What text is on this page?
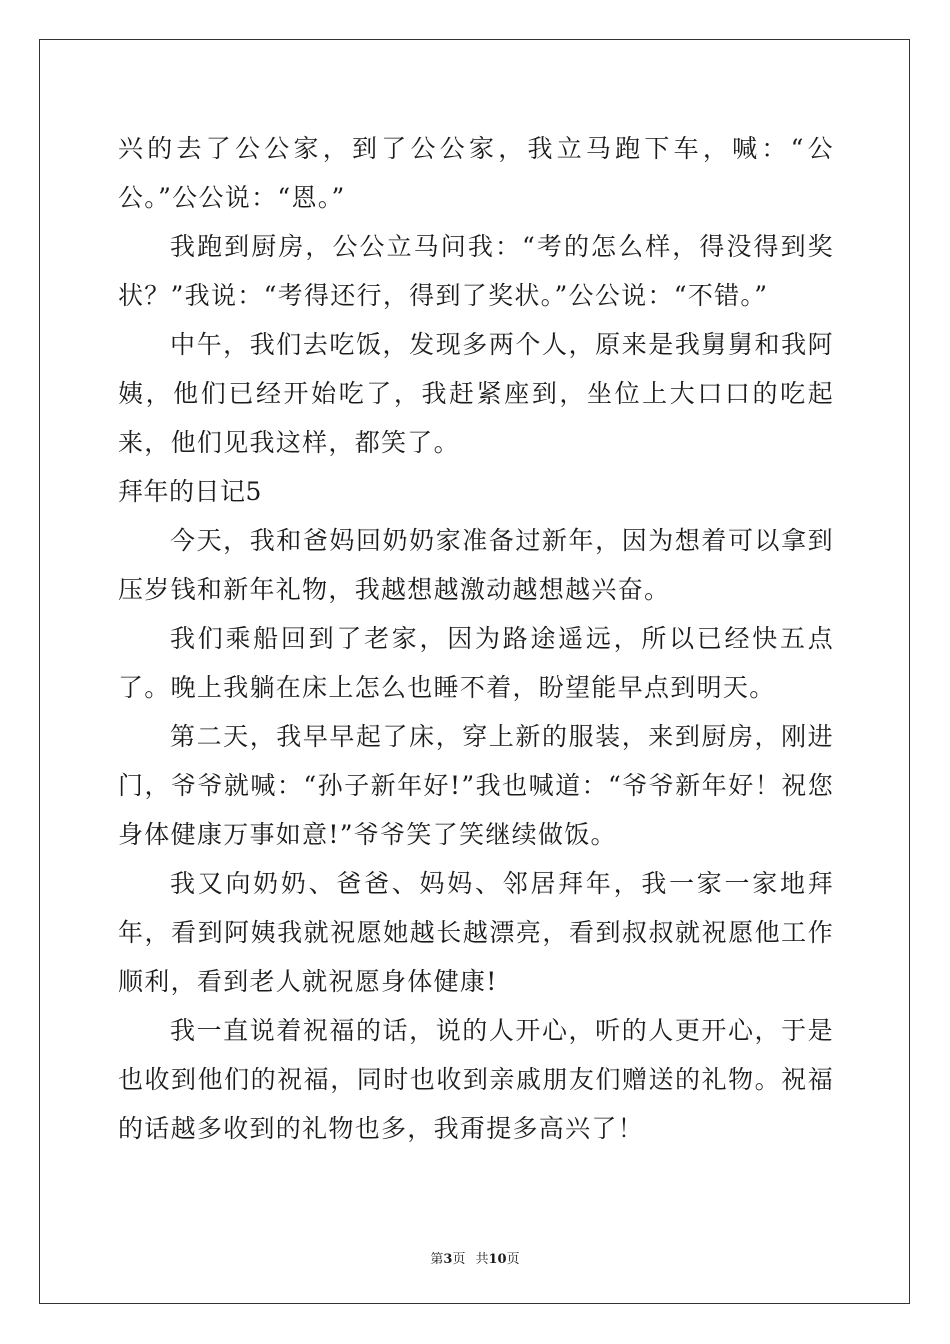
兴的去了公公家，到了公公家，我立马跑下车，喊：“公公。”公公说：“恩。”

我跑到厨房，公公立马问我：“考的怎么样，得没得到奖状？”我说：“考得还行，得到了奖状。”公公说：“不错。”

中午，我们去吃饭，发现多两个人，原来是我舅舅和我阿姨，他们已经开始吃了，我赶紧座到，坐位上大口口的吃起来，他们见我这样，都笑了。

拜年的日记5

今天，我和爸妈回奶奶家准备过新年，因为想着可以拿到压岁钱和新年礼物，我越想越激动越想越兴奋。

我们乘船回到了老家，因为路途遥远，所以已经快五点了。晚上我躺在床上怎么也睡不着，盼望能早点到明天。

第二天，我早早起了床，穿上新的服装，来到厨房，刚进门，爷爷就喊：“孙子新年好!”我也喊道：“爷爷新年好！祝您身体健康万事如意!”爷爷笑了笑继续做饭。

我又向奶奶、爸爸、妈妈、邻居拜年，我一家一家地拜年，看到阿姨我就祝愿她越长越漂亮，看到叔叔就祝愿他工作顺利，看到老人就祝愿身体健康!

我一直说着祝福的话，说的人开心，听的人更开心，于是也收到他们的祝福，同时也收到亲戚朋友们赠送的礼物。祝福的话越多收到的礼物也多，我甭提多高兴了！

第3页 共10页
